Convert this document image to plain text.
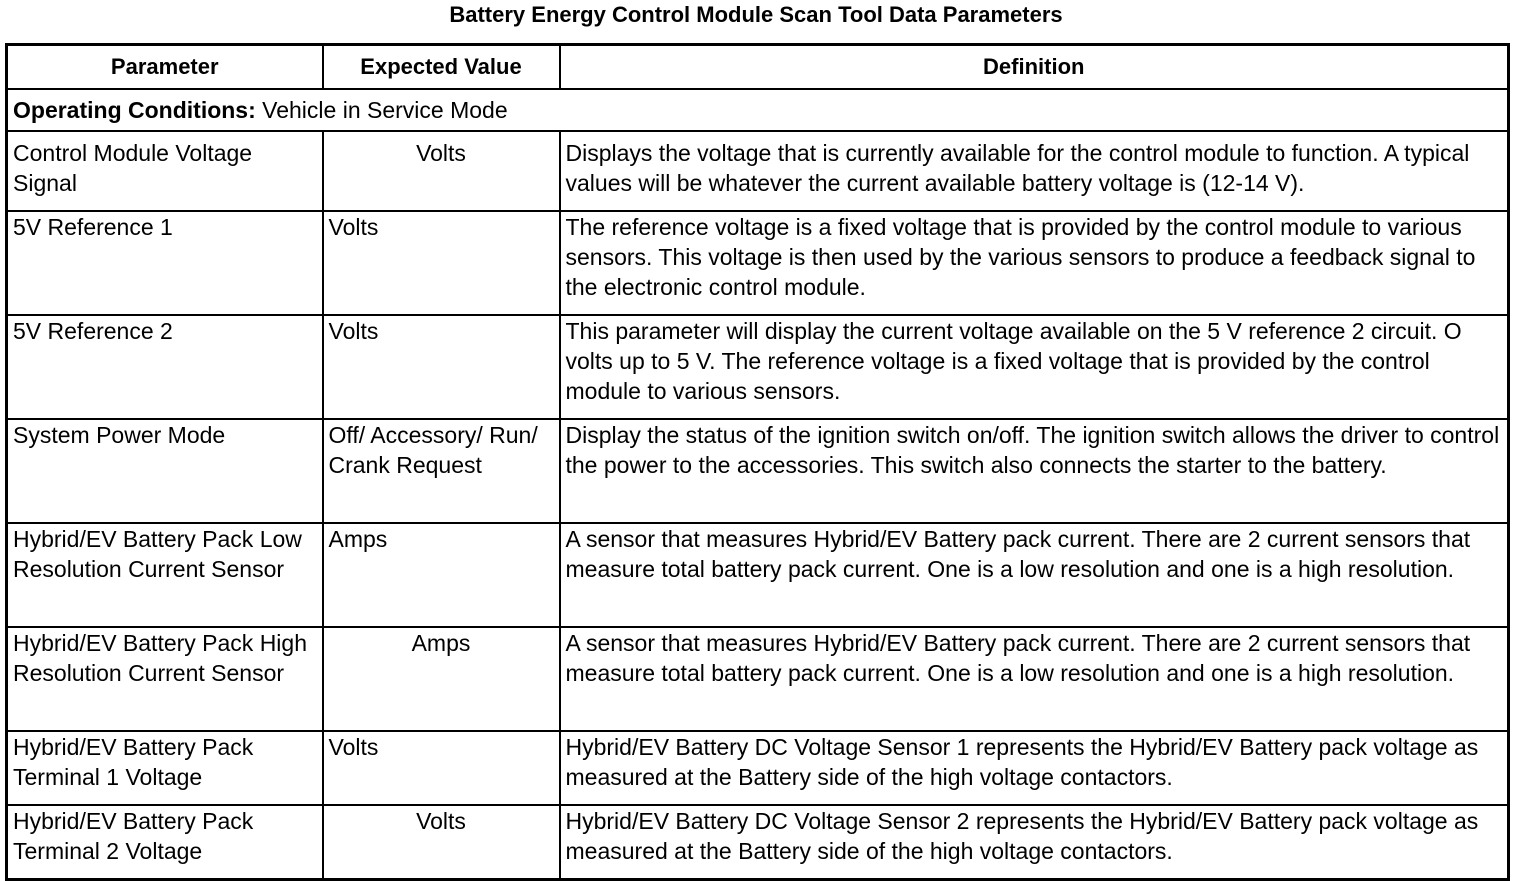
Battery Energy Control Module Scan Tool Data Parameters
Parameter	Expected Value	Definition
Operating Conditions: Vehicle in Service Mode		
Control Module Voltage Signal	Volts	Displays the voltage that is currently available for the control module to function. A typical values will be whatever the current available battery voltage is (12-14 V).
5V Reference 1	Volts	The reference voltage is a fixed voltage that is provided by the control module to various sensors. This voltage is then used by the various sensors to produce a feedback signal to the electronic control module.
5V Reference 2	Volts	This parameter will display the current voltage available on the 5 V reference 2 circuit. O volts up to 5 V. The reference voltage is a fixed voltage that is provided by the control module to various sensors.
System Power Mode	Off/ Accessory/ Run/ Crank Request	Display the status of the ignition switch on/off. The ignition switch allows the driver to control the power to the accessories. This switch also connects the starter to the battery.
Hybrid/EV Battery Pack Low Resolution Current Sensor	Amps	A sensor that measures Hybrid/EV Battery pack current. There are 2 current sensors that measure total battery pack current. One is a low resolution and one is a high resolution.
Hybrid/EV Battery Pack High Resolution Current Sensor	Amps	A sensor that measures Hybrid/EV Battery pack current. There are 2 current sensors that measure total battery pack current. One is a low resolution and one is a high resolution.
Hybrid/EV Battery Pack Terminal 1 Voltage	Volts	Hybrid/EV Battery DC Voltage Sensor 1 represents the Hybrid/EV Battery pack voltage as measured at the Battery side of the high voltage contactors.
Hybrid/EV Battery Pack Terminal 2 Voltage	Volts	Hybrid/EV Battery DC Voltage Sensor 2 represents the Hybrid/EV Battery pack voltage as measured at the Battery side of the high voltage contactors.
